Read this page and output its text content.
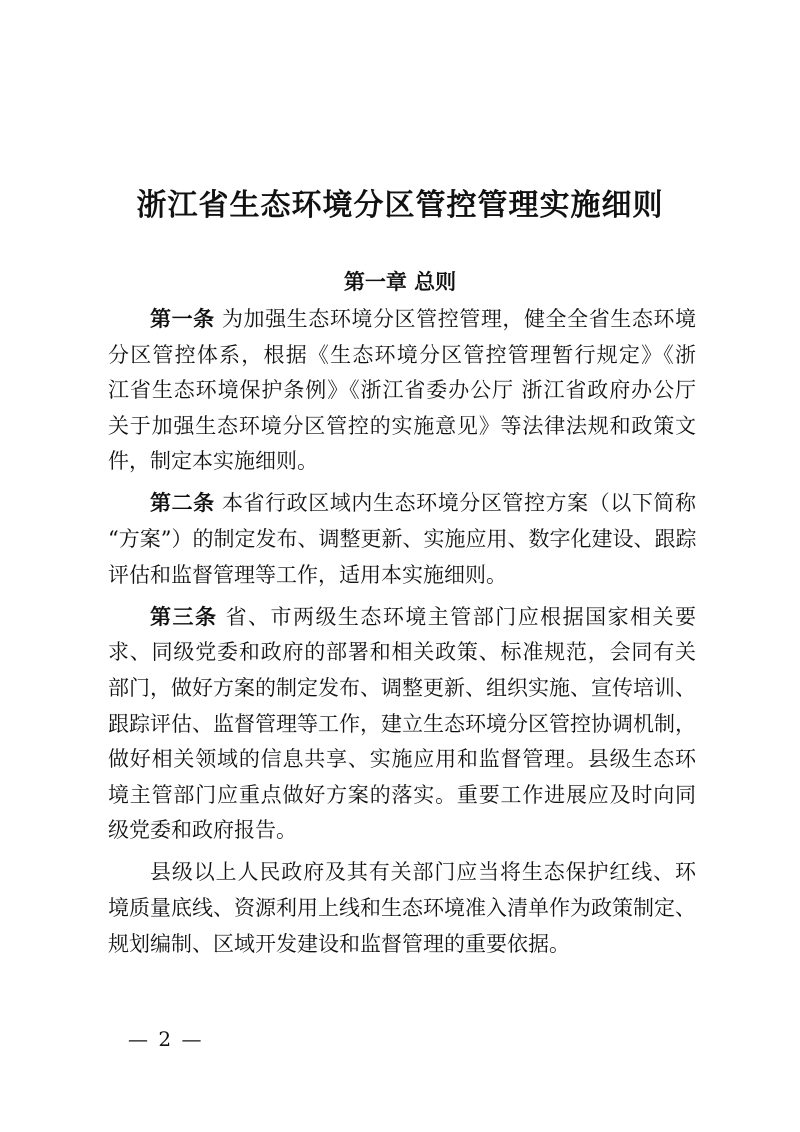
浙江省生态环境分区管控管理实施细则
第一章 总则
第一条 为加强生态环境分区管控管理，健全全省生态环境
分区管控体系，根据《生态环境分区管控管理暂行规定》《浙
江省生态环境保护条例》《浙江省委办公厅 浙江省政府办公厅
关于加强生态环境分区管控的实施意见》等法律法规和政策文
件，制定本实施细则。
第二条 本省行政区域内生态环境分区管控方案（以下简称
“方案”）的制定发布、调整更新、实施应用、数字化建设、跟踪
评估和监督管理等工作，适用本实施细则。
第三条 省、市两级生态环境主管部门应根据国家相关要
求、同级党委和政府的部署和相关政策、标准规范，会同有关
部门，做好方案的制定发布、调整更新、组织实施、宣传培训、
跟踪评估、监督管理等工作，建立生态环境分区管控协调机制，
做好相关领域的信息共享、实施应用和监督管理。县级生态环
境主管部门应重点做好方案的落实。重要工作进展应及时向同
级党委和政府报告。
县级以上人民政府及其有关部门应当将生态保护红线、环
境质量底线、资源利用上线和生态环境准入清单作为政策制定、
规划编制、区域开发建设和监督管理的重要依据。
— 2 —
